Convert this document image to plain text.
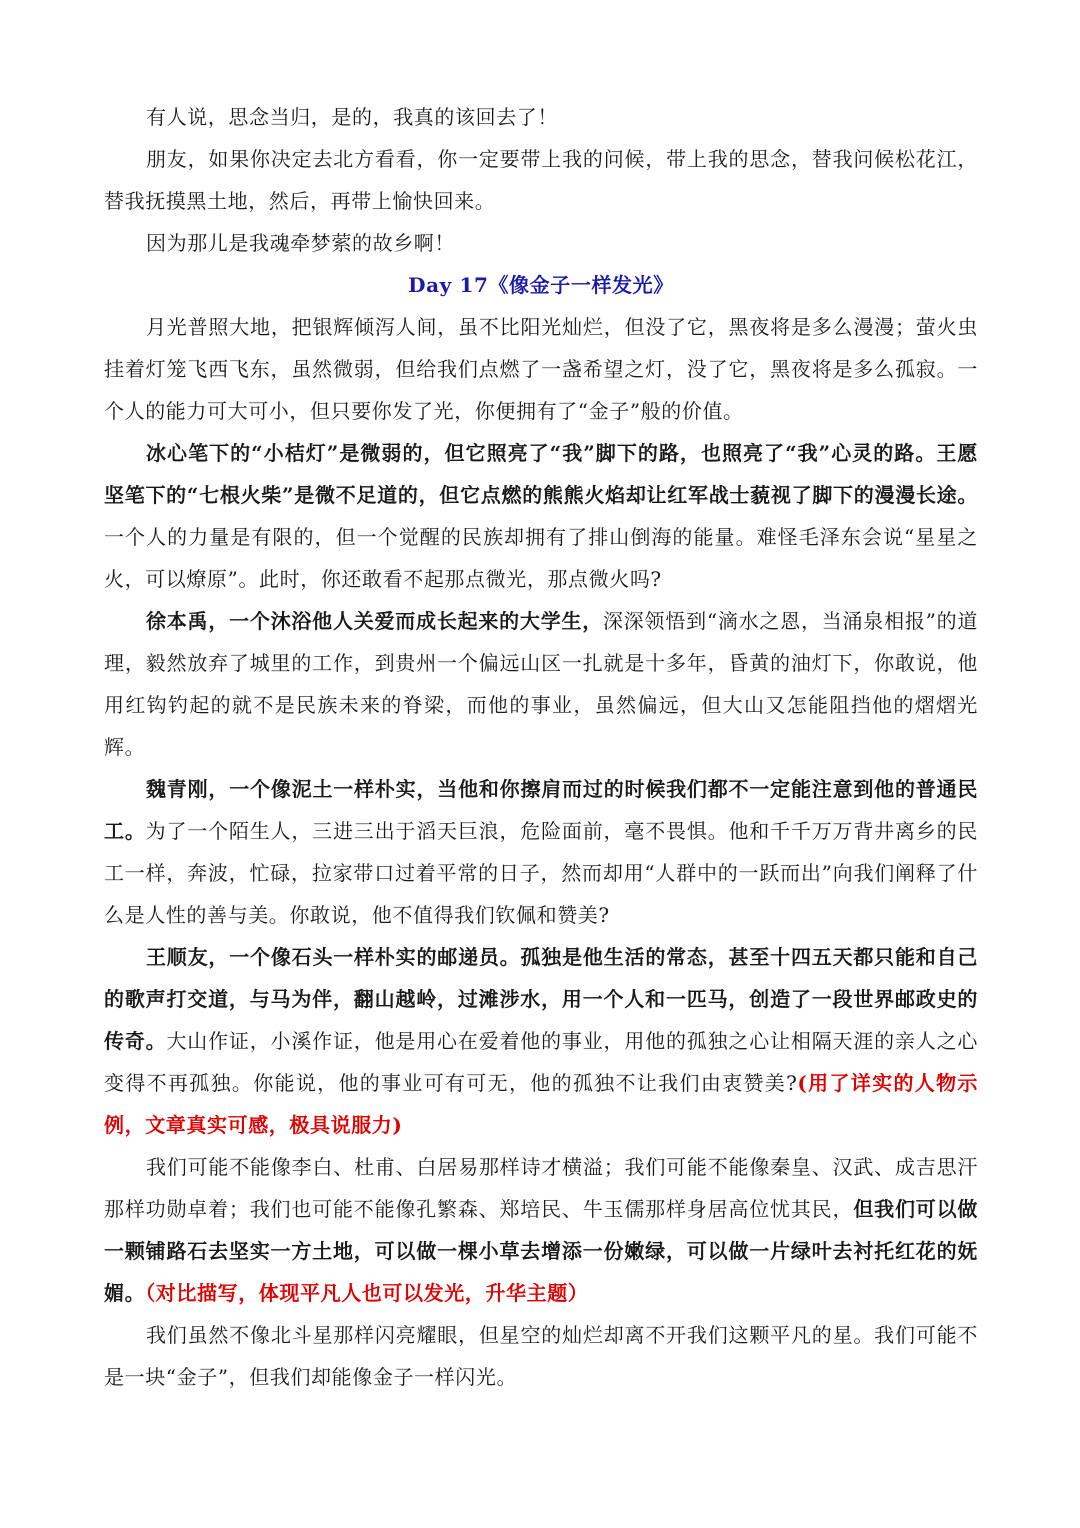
有人说，思念当归，是的，我真的该回去了！

朋友，如果你决定去北方看看，你一定要带上我的问候，带上我的思念，替我问候松花江，替我抚摸黑土地，然后，再带上愉快回来。

因为那儿是我魂牵梦萦的故乡啊！

Day 17《像金子一样发光》

月光普照大地，把银辉倾泻人间，虽不比阳光灿烂，但没了它，黑夜将是多么漫漫；萤火虫挂着灯笼飞西飞东，虽然微弱，但给我们点燃了一盏希望之灯，没了它，黑夜将是多么孤寂。一个人的能力可大可小，但只要你发了光，你便拥有了“金子”般的价值。

冰心笔下的“小桔灯”是微弱的，但它照亮了“我”脚下的路，也照亮了“我”心灵的路。王愿坚笔下的“七根火柴”是微不足道的，但它点燃的熊熊火焰却让红军战士藐视了脚下的漫漫长途。一个人的力量是有限的，但一个觉醒的民族却拥有了排山倒海的能量。难怪毛泽东会说“星星之火，可以燎原”。此时，你还敢看不起那点微光，那点微火吗?

徐本禹，一个沐浴他人关爱而成长起来的大学生，深深领悟到“滴水之恩，当涌泉相报”的道理，毅然放弃了城里的工作，到贵州一个偏远山区一扎就是十多年，昏黄的油灯下，你敢说，他用红钩钓起的就不是民族未来的脊梁，而他的事业，虽然偏远，但大山又怎能阻挡他的熠熠光辉。

魏青刚，一个像泥土一样朴实，当他和你擦肩而过的时候我们都不一定能注意到他的普通民工。为了一个陌生人，三进三出于滔天巨浪，危险面前，毫不畏惧。他和千千万万背井离乡的民工一样，奔波，忙碌，拉家带口过着平常的日子，然而却用“人群中的一跃而出”向我们阐释了什么是人性的善与美。你敢说，他不值得我们钦佩和赞美?

王顺友，一个像石头一样朴实的邮递员。孤独是他生活的常态，甚至十四五天都只能和自己的歌声打交道，与马为伴，翻山越岭，过滩涉水，用一个人和一匹马，创造了一段世界邮政史的传奇。大山作证，小溪作证，他是用心在爱着他的事业，用他的孤独之心让相隔天涯的亲人之心变得不再孤独。你能说，他的事业可有可无，他的孤独不让我们由衷赞美?(用了详实的人物示例，文章真实可感，极具说服力)

我们可能不能像李白、杜甫、白居易那样诗才横溢；我们可能不能像秦皇、汉武、成吉思汗那样功勋卓着；我们也可能不能像孔繁森、郑培民、牛玉儒那样身居高位忧其民，但我们可以做一颗铺路石去坚实一方土地，可以做一棵小草去增添一份嫩绿，可以做一片绿叶去衬托红花的妩媚。（对比描写，体现平凡人也可以发光，升华主题）

我们虽然不像北斗星那样闪亮耀眼，但星空的灿烂却离不开我们这颗平凡的星。我们可能不是一块“金子”，但我们却能像金子一样闪光。
